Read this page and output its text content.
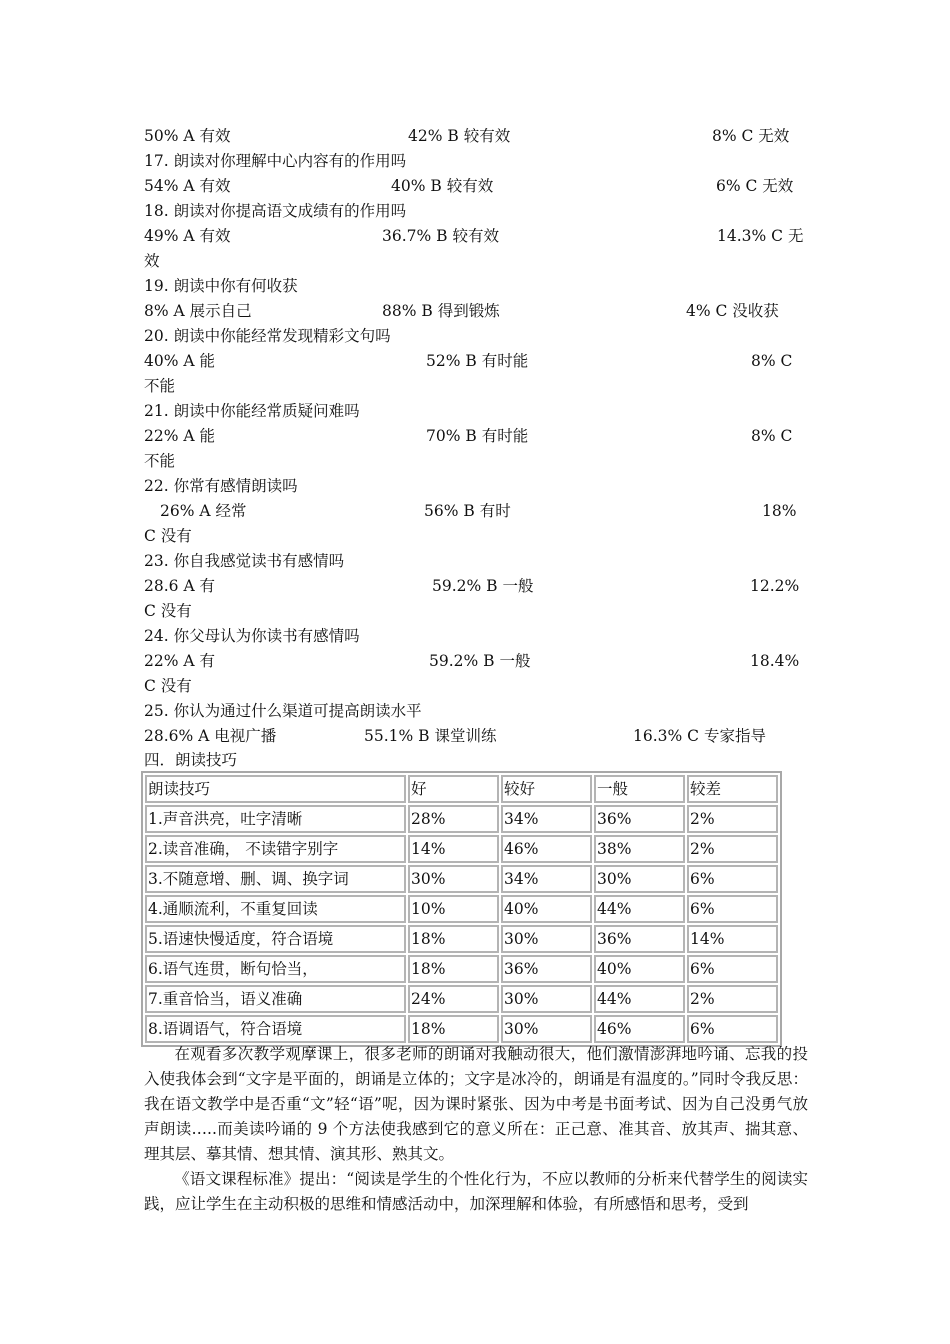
50% A 有效	42% B 较有效	8% C 无效
17. 朗读对你理解中心内容有的作用吗
54% A 有效	40% B 较有效	6% C 无效
18. 朗读对你提高语文成绩有的作用吗
49% A 有效	36.7% B 较有效	14.3% C 无
效
19. 朗读中你有何收获
8% A 展示自己	88% B 得到锻炼	4% C 没收获
20. 朗读中你能经常发现精彩文句吗
40% A 能	52% B 有时能	8% C
不能
21. 朗读中你能经常质疑问难吗
22% A 能	70% B 有时能	8% C
不能
22. 你常有感情朗读吗
26% A 经常	56% B 有时	18%
C 没有
23. 你自我感觉读书有感情吗
28.6 A 有	59.2% B 一般	12.2%
C 没有
24. 你父母认为你读书有感情吗
22% A 有	59.2% B 一般	18.4%
C 没有
25. 你认为通过什么渠道可提高朗读水平
28.6% A 电视广播	55.1% B 课堂训练	16.3% C 专家指导
四．朗读技巧
朗读技巧	好	较好	一般	较差
1.声音洪亮，吐字清晰	28%	34%	36%	2%
2.读音准确， 不读错字别字	14%	46%	38%	2%
3.不随意增、删、调、换字词	30%	34%	30%	6%
4.通顺流利，不重复回读	10%	40%	44%	6%
5.语速快慢适度，符合语境	18%	30%	36%	14%
6.语气连贯，断句恰当，	18%	36%	40%	6%
7.重音恰当，语义准确	24%	30%	44%	2%
8.语调语气，符合语境	18%	30%	46%	6%
在观看多次教学观摩课上，很多老师的朗诵对我触动很大，他们激情澎湃地吟诵、忘我的投入使我体会到“文字是平面的，朗诵是立体的；文字是冰冷的，朗诵是有温度的。”同时令我反思：我在语文教学中是否重“文”轻“语”呢，因为课时紧张、因为中考是书面考试、因为自己没勇气放声朗读…..而美读吟诵的 9 个方法使我感到它的意义所在：正己意、准其音、放其声、揣其意、理其层、摹其情、想其情、演其形、熟其文。
《语文课程标准》提出：“阅读是学生的个性化行为，不应以教师的分析来代替学生的阅读实践，应让学生在主动积极的思维和情感活动中，加深理解和体验，有所感悟和思考，受到
